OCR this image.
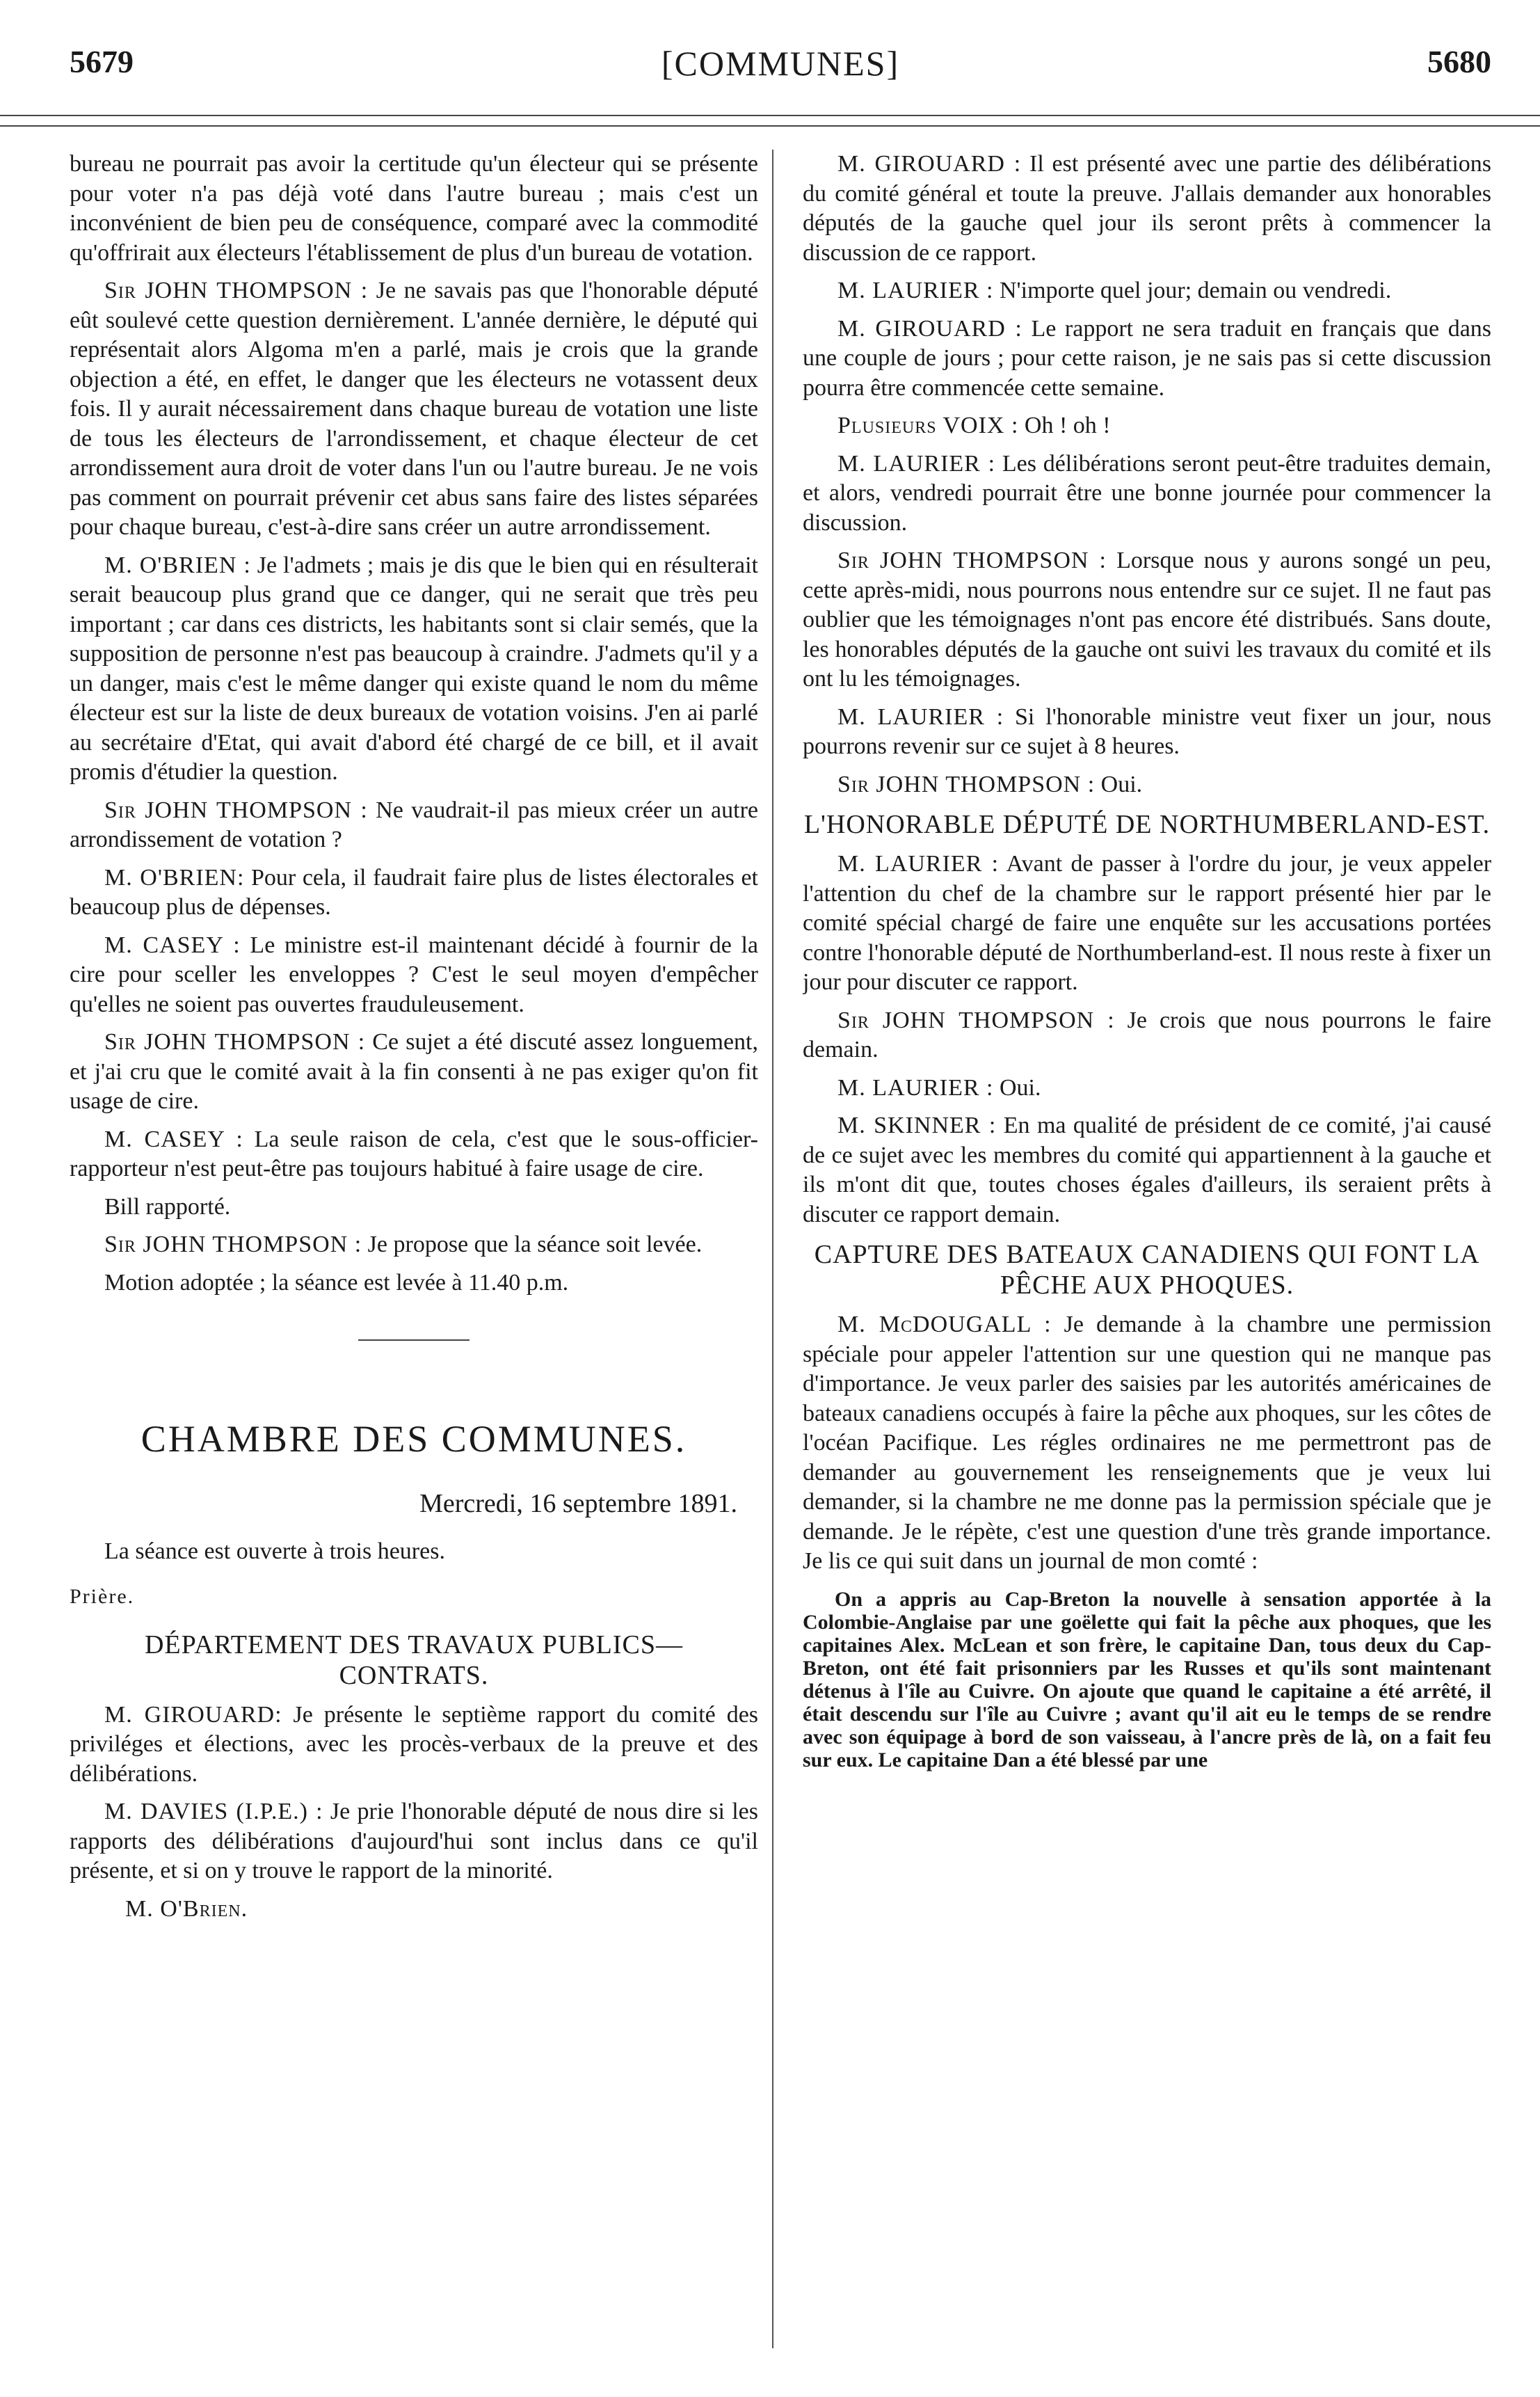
5679	[COMMUNES]	5680

bureau ne pourrait pas avoir la certitude qu'un électeur qui se présente pour voter n'a pas déjà voté dans l'autre bureau ; mais c'est un inconvénient de bien peu de conséquence, comparé avec la commodité qu'offrirait aux électeurs l'établissement de plus d'un bureau de votation.

Sir JOHN THOMPSON : Je ne savais pas que l'honorable député eût soulevé cette question dernièrement. L'année dernière, le député qui représentait alors Algoma m'en a parlé, mais je crois que la grande objection a été, en effet, le danger que les électeurs ne votassent deux fois. Il y aurait nécessairement dans chaque bureau de votation une liste de tous les électeurs de l'arrondissement, et chaque électeur de cet arrondissement aura droit de voter dans l'un ou l'autre bureau. Je ne vois pas comment on pourrait prévenir cet abus sans faire des listes séparées pour chaque bureau, c'est-à-dire sans créer un autre arrondissement.

M. O'BRIEN : Je l'admets ; mais je dis que le bien qui en résulterait serait beaucoup plus grand que ce danger, qui ne serait que très peu important ; car dans ces districts, les habitants sont si clair semés, que la supposition de personne n'est pas beaucoup à craindre. J'admets qu'il y a un danger, mais c'est le même danger qui existe quand le nom du même électeur est sur la liste de deux bureaux de votation voisins. J'en ai parlé au secrétaire d'Etat, qui avait d'abord été chargé de ce bill, et il avait promis d'étudier la question.

Sir JOHN THOMPSON : Ne vaudrait-il pas mieux créer un autre arrondissement de votation ?

M. O'BRIEN: Pour cela, il faudrait faire plus de listes électorales et beaucoup plus de dépenses.

M. CASEY : Le ministre est-il maintenant décidé à fournir de la cire pour sceller les enveloppes ? C'est le seul moyen d'empêcher qu'elles ne soient pas ouvertes frauduleusement.

Sir JOHN THOMPSON : Ce sujet a été discuté assez longuement, et j'ai cru que le comité avait à la fin consenti à ne pas exiger qu'on fit usage de cire.

M. CASEY : La seule raison de cela, c'est que le sous-officier-rapporteur n'est peut-être pas toujours habitué à faire usage de cire.

Bill rapporté.

Sir JOHN THOMPSON : Je propose que la séance soit levée.

Motion adoptée ; la séance est levée à 11.40 p.m.

CHAMBRE DES COMMUNES.
Mercredi, 16 septembre 1891.
La séance est ouverte à trois heures.
Prière.
DÉPARTEMENT DES TRAVAUX PUBLICS— CONTRATS.

M. GIROUARD: Je présente le septième rapport du comité des priviléges et élections, avec les procès-verbaux de la preuve et des délibérations.

M. DAVIES (I.P.E.) : Je prie l'honorable député de nous dire si les rapports des délibérations d'aujourd'hui sont inclus dans ce qu'il présente, et si on y trouve le rapport de la minorité.

M. O'Brien.

M. GIROUARD : Il est présenté avec une partie des délibérations du comité général et toute la preuve. J'allais demander aux honorables députés de la gauche quel jour ils seront prêts à commencer la discussion de ce rapport.

M. LAURIER : N'importe quel jour; demain ou vendredi.

M. GIROUARD : Le rapport ne sera traduit en français que dans une couple de jours ; pour cette raison, je ne sais pas si cette discussion pourra être commencée cette semaine.

Plusieurs VOIX : Oh ! oh !

M. LAURIER : Les délibérations seront peut-être traduites demain, et alors, vendredi pourrait être une bonne journée pour commencer la discussion.

Sir JOHN THOMPSON : Lorsque nous y aurons songé un peu, cette après-midi, nous pourrons nous entendre sur ce sujet. Il ne faut pas oublier que les témoignages n'ont pas encore été distribués. Sans doute, les honorables députés de la gauche ont suivi les travaux du comité et ils ont lu les témoignages.

M. LAURIER : Si l'honorable ministre veut fixer un jour, nous pourrons revenir sur ce sujet à 8 heures.

Sir JOHN THOMPSON : Oui.

L'HONORABLE DÉPUTÉ DE NORTHUMBERLAND-EST.

M. LAURIER : Avant de passer à l'ordre du jour, je veux appeler l'attention du chef de la chambre sur le rapport présenté hier par le comité spécial chargé de faire une enquête sur les accusations portées contre l'honorable député de Northumberland-est. Il nous reste à fixer un jour pour discuter ce rapport.

Sir JOHN THOMPSON : Je crois que nous pourrons le faire demain.

M. LAURIER : Oui.

M. SKINNER : En ma qualité de président de ce comité, j'ai causé de ce sujet avec les membres du comité qui appartiennent à la gauche et ils m'ont dit que, toutes choses égales d'ailleurs, ils seraient prêts à discuter ce rapport demain.

CAPTURE DES BATEAUX CANADIENS QUI FONT LA PÊCHE AUX PHOQUES.

M. McDOUGALL : Je demande à la chambre une permission spéciale pour appeler l'attention sur une question qui ne manque pas d'importance. Je veux parler des saisies par les autorités américaines de bateaux canadiens occupés à faire la pêche aux phoques, sur les côtes de l'océan Pacifique. Les régles ordinaires ne me permettront pas de demander au gouvernement les renseignements que je veux lui demander, si la chambre ne me donne pas la permission spéciale que je demande. Je le répète, c'est une question d'une très grande importance. Je lis ce qui suit dans un journal de mon comté :

On a appris au Cap-Breton la nouvelle à sensation apportée à la Colombie-Anglaise par une goëlette qui fait la pêche aux phoques, que les capitaines Alex. McLean et son frère, le capitaine Dan, tous deux du Cap-Breton, ont été fait prisonniers par les Russes et qu'ils sont maintenant détenus à l'île au Cuivre. On ajoute que quand le capitaine a été arrêté, il était descendu sur l'île au Cuivre ; avant qu'il ait eu le temps de se rendre avec son équipage à bord de son vaisseau, à l'ancre près de là, on a fait feu sur eux. Le capitaine Dan a été blessé par une
